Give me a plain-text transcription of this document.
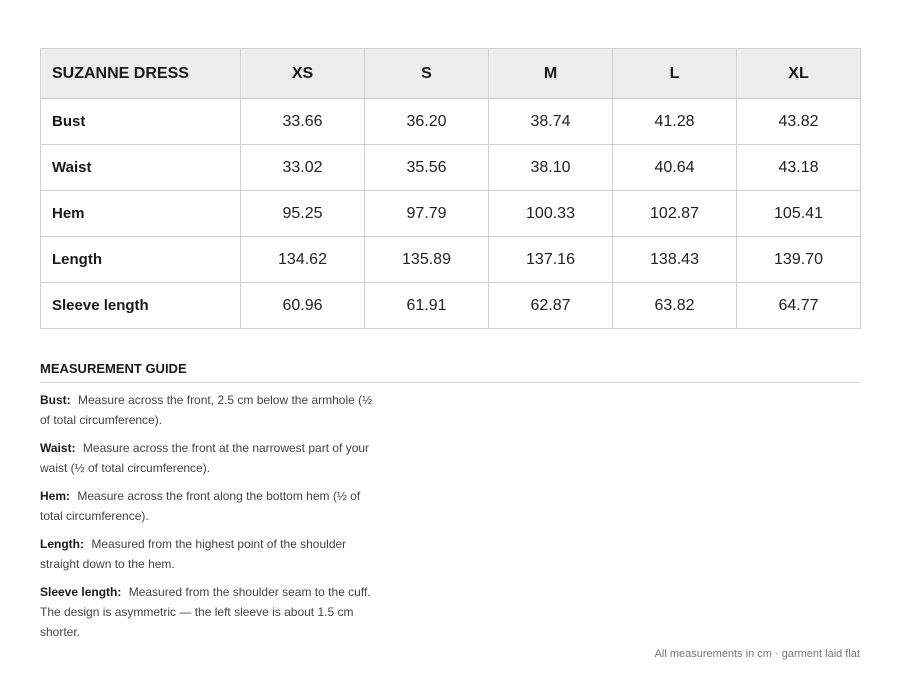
SUZANNE DRESS	XS	S	M	L	XL
Bust	33.66	36.20	38.74	41.28	43.82
Waist	33.02	35.56	38.10	40.64	43.18
Hem	95.25	97.79	100.33	102.87	105.41
Length	134.62	135.89	137.16	138.43	139.70
Sleeve length	60.96	61.91	62.87	63.82	64.77
MEASUREMENT GUIDE
Bust: Measure across the front, 2.5 cm below the armhole (½ of total circumference).
Waist: Measure across the front at the narrowest part of your waist (½ of total circumference).
Hem: Measure across the front along the bottom hem (½ of total circumference).
Length: Measured from the highest point of the shoulder straight down to the hem.
Sleeve length: Measured from the shoulder seam to the cuff. The design is asymmetric — the left sleeve is about 1.5 cm shorter.
All measurements in cm · garment laid flat
